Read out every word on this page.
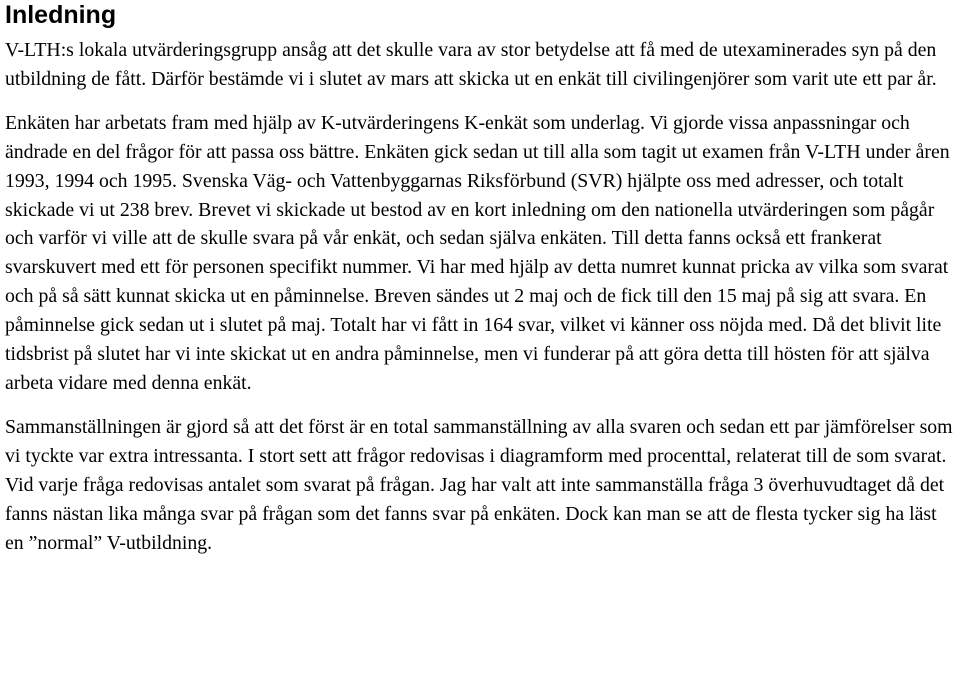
Inledning

V-LTH:s lokala utvärderingsgrupp ansåg att det skulle vara av stor betydelse att få med de utexaminerades syn på den utbildning de fått. Därför bestämde vi i slutet av mars att skicka ut en enkät till civilingenjörer som varit ute ett par år.

Enkäten har arbetats fram med hjälp av K-utvärderingens K-enkät som underlag. Vi gjorde vissa anpassningar och ändrade en del frågor för att passa oss bättre. Enkäten gick sedan ut till alla som tagit ut examen från V-LTH under åren 1993, 1994 och 1995. Svenska Väg- och Vattenbyggarnas Riksförbund (SVR) hjälpte oss med adresser, och totalt skickade vi ut 238 brev. Brevet vi skickade ut bestod av en kort inledning om den nationella utvärderingen som pågår och varför vi ville att de skulle svara på vår enkät, och sedan själva enkäten. Till detta fanns också ett frankerat svarskuvert med ett för personen specifikt nummer. Vi har med hjälp av detta numret kunnat pricka av vilka som svarat och på så sätt kunnat skicka ut en påminnelse. Breven sändes ut 2 maj och de fick till den 15 maj på sig att svara. En påminnelse gick sedan ut i slutet på maj. Totalt har vi fått in 164 svar, vilket vi känner oss nöjda med. Då det blivit lite tidsbrist på slutet har vi inte skickat ut en andra påminnelse, men vi funderar på att göra detta till hösten för att själva arbeta vidare med denna enkät.

Sammanställningen är gjord så att det först är en total sammanställning av alla svaren och sedan ett par jämförelser som vi tyckte var extra intressanta. I stort sett att frågor redovisas i diagramform med procenttal, relaterat till de som svarat. Vid varje fråga redovisas antalet som svarat på frågan. Jag har valt att inte sammanställa fråga 3 överhuvudtaget då det fanns nästan lika många svar på frågan som det fanns svar på enkäten. Dock kan man se att de flesta tycker sig ha läst en ”normal” V-utbildning.
